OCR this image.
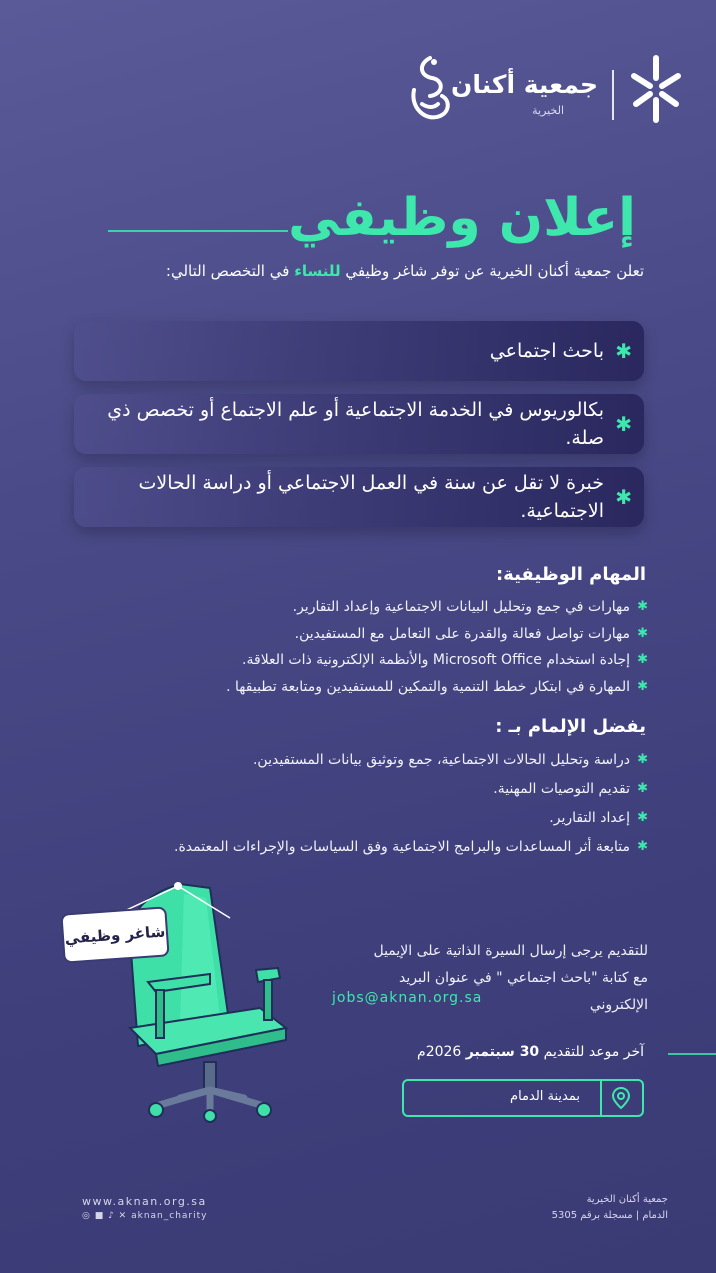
جمعية أكنان
الخيرية
إعلان وظيفي
تعلن جمعية أكنان الخيرية عن توفر شاغر وظيفي للنساء في التخصص التالي:
✱
باحث اجتماعي
✱
بكالوريوس في الخدمة الاجتماعية أو علم الاجتماع أو تخصص ذي صلة.
✱
خبرة لا تقل عن سنة في العمل الاجتماعي أو دراسة الحالات الاجتماعية.
المهام الوظيفية:
✱
مهارات في جمع وتحليل البيانات الاجتماعية وإعداد التقارير.
✱
مهارات تواصل فعالة والقدرة على التعامل مع المستفيدين.
✱
إجادة استخدام Microsoft Office والأنظمة الإلكترونية ذات العلاقة.
✱
المهارة في ابتكار خطط التنمية والتمكين للمستفيدين ومتابعة تطبيقها .
يفضل الإلمام بـ :
✱
دراسة وتحليل الحالات الاجتماعية، جمع وتوثيق بيانات المستفيدين.
✱
تقديم التوصيات المهنية.
✱
إعداد التقارير.
✱
متابعة أثر المساعدات والبرامج الاجتماعية وفق السياسات والإجراءات المعتمدة.
شاغر وظيفي
للتقديم يرجى إرسال السيرة الذاتية على الإيميل
مع كتابة "باحث اجتماعي " في عنوان البريد
الإلكتروني
jobs@aknan.org.sa
آخر موعد للتقديم 30 سبتمبر 2026م
بمدينة الدمام
www.aknan.org.sa
◎ ■ ♪ ✕ aknan_charity
جمعية أكنان الخيرية
الدمام | مسجلة برقم 5305
